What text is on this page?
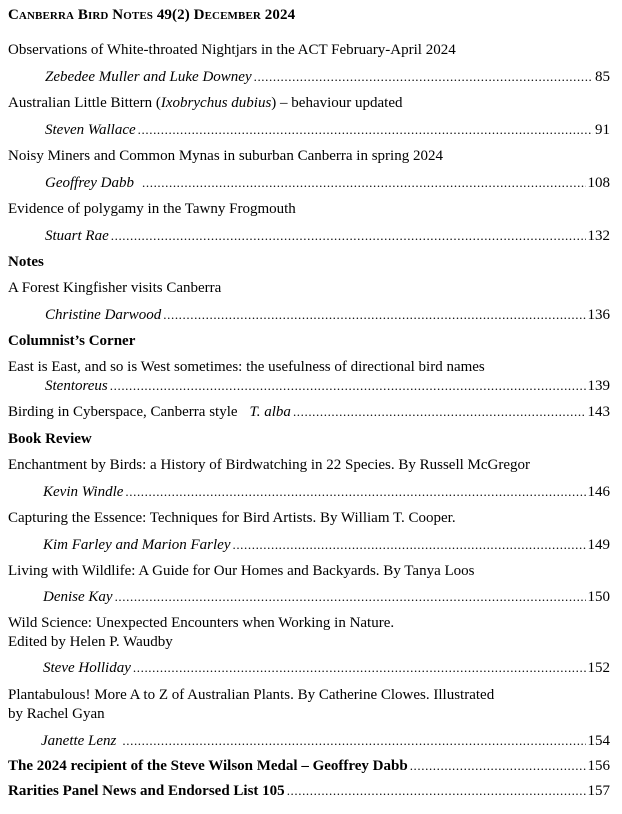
Canberra Bird Notes 49(2) December 2024
Observations of White-throated Nightjars in the ACT February-April 2024
Zebedee Muller and Luke Downey .....	85
Australian Little Bittern (Ixobrychus dubius) – behaviour updated
Steven Wallace .....	91
Noisy Miners and Common Mynas in suburban Canberra in spring 2024
Geoffrey Dabb .....	108
Evidence of polygamy in the Tawny Frogmouth
Stuart Rae .....	132
Notes
A Forest Kingfisher visits Canberra
Christine Darwood .....	136
Columnist’s Corner
East is East, and so is West sometimes: the usefulness of directional bird names
Stentoreus .....	139
Birding in Cyberspace, Canberra style T. alba .....	143
Book Review
Enchantment by Birds: a History of Birdwatching in 22 Species. By Russell McGregor
Kevin Windle .....	146
Capturing the Essence: Techniques for Bird Artists. By William T. Cooper.
Kim Farley and Marion Farley .....	149
Living with Wildlife: A Guide for Our Homes and Backyards. By Tanya Loos
Denise Kay .....	150
Wild Science: Unexpected Encounters when Working in Nature.
Edited by Helen P. Waudby
Steve Holliday .....	152
Plantabulous! More A to Z of Australian Plants. By Catherine Clowes. Illustrated
by Rachel Gyan
Janette Lenz .....	154
The 2024 recipient of the Steve Wilson Medal – Geoffrey Dabb .....	156
Rarities Panel News and Endorsed List 105 .....	157
